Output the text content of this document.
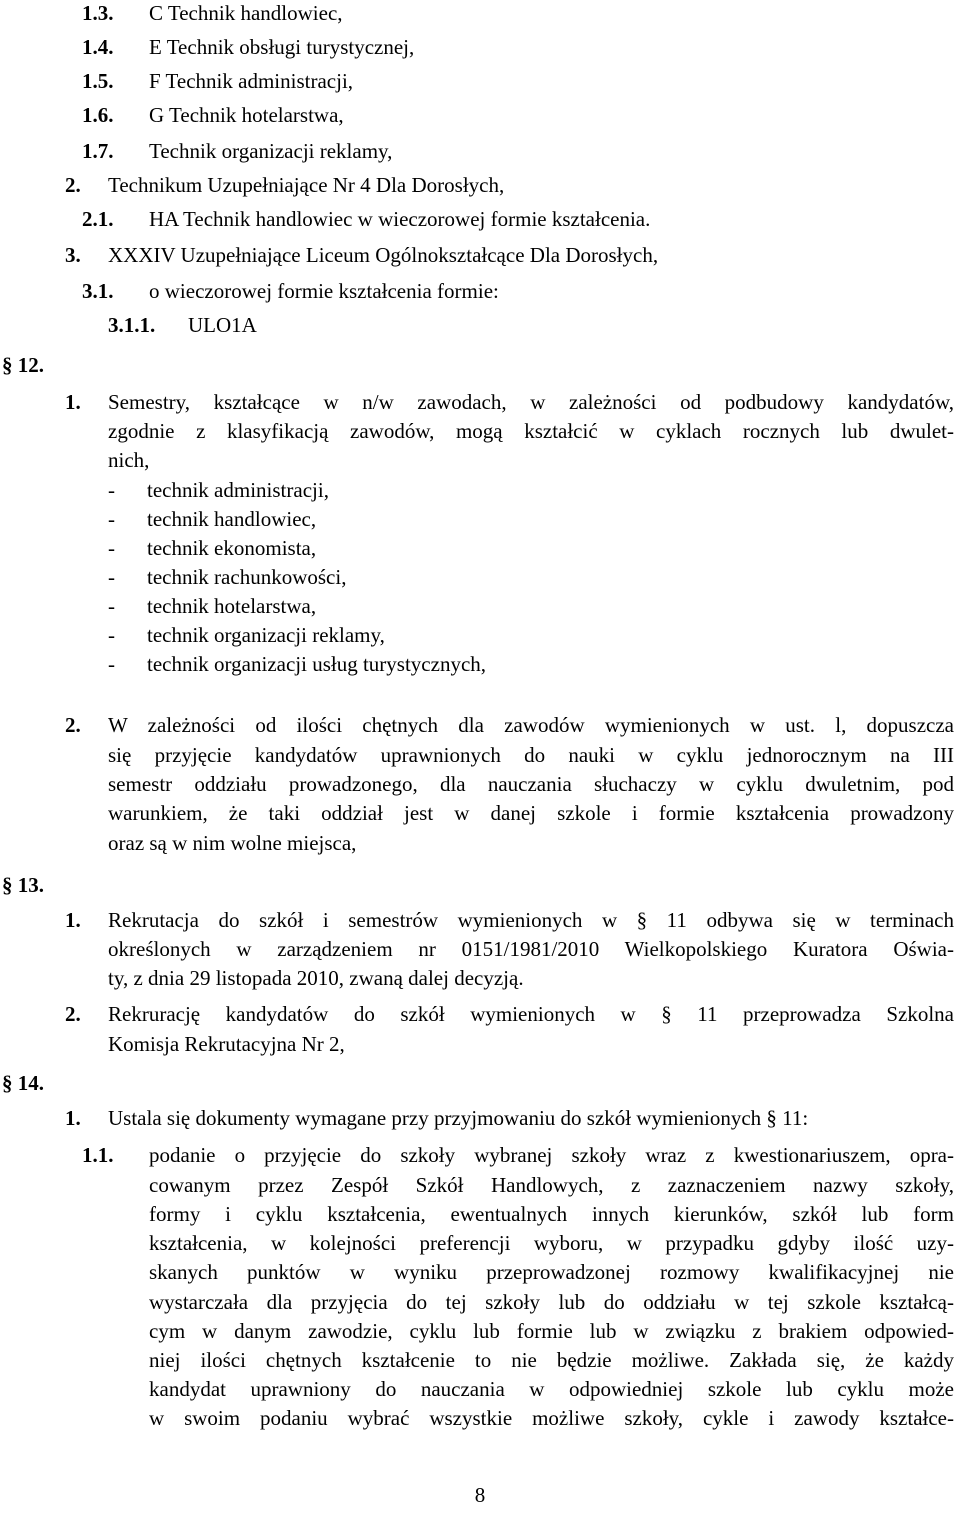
1.3. C Technik handlowiec,
1.4. E Technik obsługi turystycznej,
1.5. F Technik administracji,
1.6. G Technik hotelarstwa,
1.7. Technik organizacji reklamy,
2. Technikum Uzupełniające Nr 4 Dla Dorosłych,
2.1. HA Technik handlowiec w wieczorowej formie kształcenia.
3. XXXIV Uzupełniające Liceum Ogólnokształcące Dla Dorosłych,
3.1. o wieczorowej formie kształcenia formie:
3.1.1. ULO1A
§ 12.
1. Semestry, kształcące w n/w zawodach, w zależności od podbudowy kandydatów,
zgodnie z klasyfikacją zawodów, mogą kształcić w cyklach rocznych lub dwulet-
nich,
- technik administracji,
- technik handlowiec,
- technik ekonomista,
- technik rachunkowości,
- technik hotelarstwa,
- technik organizacji reklamy,
- technik organizacji usług turystycznych,
2. W zależności od ilości chętnych dla zawodów wymienionych w ust. l, dopuszcza
się przyjęcie kandydatów uprawnionych do nauki w cyklu jednorocznym na III
semestr oddziału prowadzonego, dla nauczania słuchaczy w cyklu dwuletnim, pod
warunkiem, że taki oddział jest w danej szkole i formie kształcenia prowadzony
oraz są w nim wolne miejsca,
§ 13.
1. Rekrutacja do szkół i semestrów wymienionych w § 11 odbywa się w terminach
określonych w zarządzeniem nr 0151/1981/2010 Wielkopolskiego Kuratora Oświa-
ty, z dnia 29 listopada 2010, zwaną dalej decyzją.
2. Rekrurację kandydatów do szkół wymienionych w § 11 przeprowadza Szkolna
Komisja Rekrutacyjna Nr 2,
§ 14.
1. Ustala się dokumenty wymagane przy przyjmowaniu do szkół wymienionych § 11:
1.1. podanie o przyjęcie do szkoły wybranej szkoły wraz z kwestionariuszem, opra-
cowanym przez Zespół Szkół Handlowych, z zaznaczeniem nazwy szkoły,
formy i cyklu kształcenia, ewentualnych innych kierunków, szkół lub form
kształcenia, w kolejności preferencji wyboru, w przypadku gdyby ilość uzy-
skanych punktów w wyniku przeprowadzonej rozmowy kwalifikacyjnej nie
wystarczała dla przyjęcia do tej szkoły lub do oddziału w tej szkole kształcą-
cym w danym zawodzie, cyklu lub formie lub w związku z brakiem odpowied-
niej ilości chętnych kształcenie to nie będzie możliwe. Zakłada się, że każdy
kandydat uprawniony do nauczania w odpowiedniej szkole lub cyklu może
w swoim podaniu wybrać wszystkie możliwe szkoły, cykle i zawody kształce-
8
